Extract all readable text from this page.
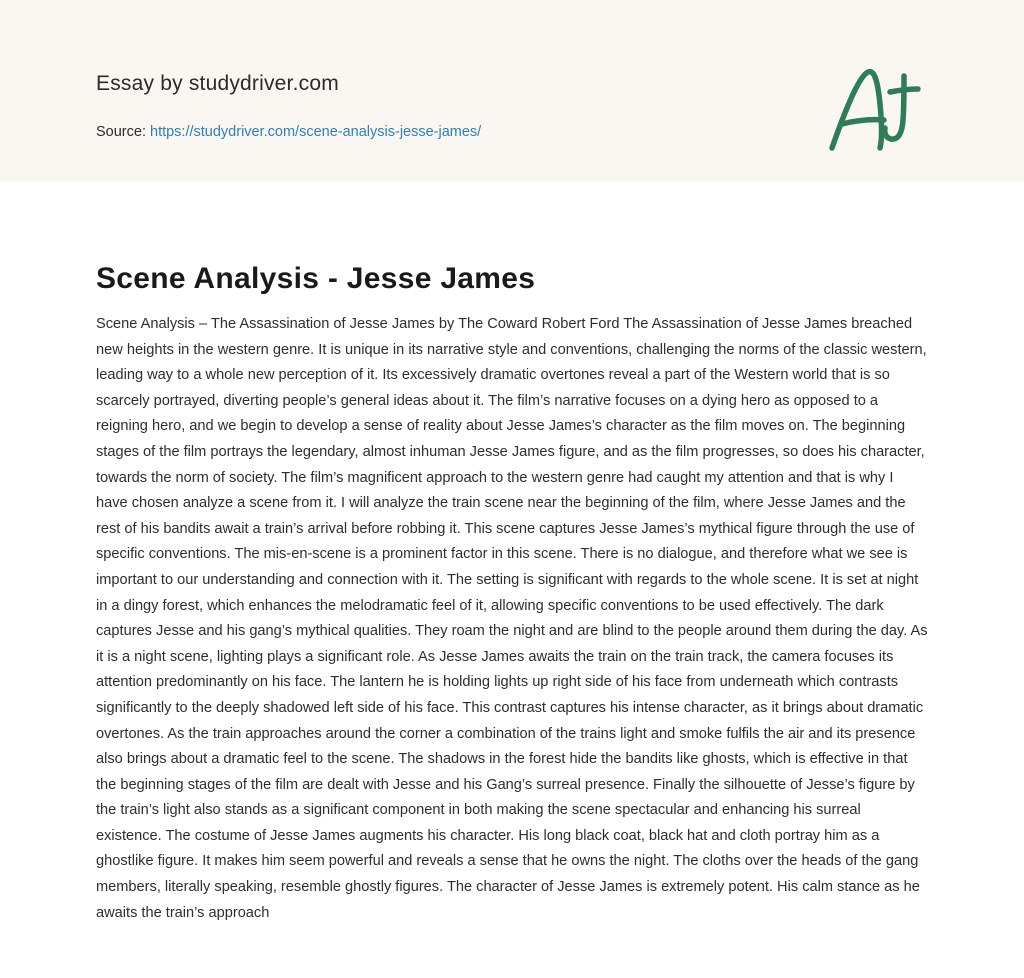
Essay by studydriver.com
Source: https://studydriver.com/scene-analysis-jesse-james/
Scene Analysis - Jesse James
Scene Analysis – The Assassination of Jesse James by The Coward Robert Ford The Assassination of Jesse James breached new heights in the western genre. It is unique in its narrative style and conventions, challenging the norms of the classic western, leading way to a whole new perception of it. Its excessively dramatic overtones reveal a part of the Western world that is so scarcely portrayed, diverting people’s general ideas about it. The film’s narrative focuses on a dying hero as opposed to a reigning hero, and we begin to develop a sense of reality about Jesse James’s character as the film moves on. The beginning stages of the film portrays the legendary, almost inhuman Jesse James figure, and as the film progresses, so does his character, towards the norm of society. The film’s magnificent approach to the western genre had caught my attention and that is why I have chosen analyze a scene from it. I will analyze the train scene near the beginning of the film, where Jesse James and the rest of his bandits await a train’s arrival before robbing it. This scene captures Jesse James’s mythical figure through the use of specific conventions. The mis-en-scene is a prominent factor in this scene. There is no dialogue, and therefore what we see is important to our understanding and connection with it. The setting is significant with regards to the whole scene. It is set at night in a dingy forest, which enhances the melodramatic feel of it, allowing specific conventions to be used effectively. The dark captures Jesse and his gang’s mythical qualities. They roam the night and are blind to the people around them during the day. As it is a night scene, lighting plays a significant role. As Jesse James awaits the train on the train track, the camera focuses its attention predominantly on his face. The lantern he is holding lights up right side of his face from underneath which contrasts significantly to the deeply shadowed left side of his face. This contrast captures his intense character, as it brings about dramatic overtones. As the train approaches around the corner a combination of the trains light and smoke fulfils the air and its presence also brings about a dramatic feel to the scene. The shadows in the forest hide the bandits like ghosts, which is effective in that the beginning stages of the film are dealt with Jesse and his Gang’s surreal presence. Finally the silhouette of Jesse’s figure by the train’s light also stands as a significant component in both making the scene spectacular and enhancing his surreal existence. The costume of Jesse James augments his character. His long black coat, black hat and cloth portray him as a ghostlike figure. It makes him seem powerful and reveals a sense that he owns the night. The cloths over the heads of the gang members, literally speaking, resemble ghostly figures. The character of Jesse James is extremely potent. His calm stance as he awaits the train’s approach
